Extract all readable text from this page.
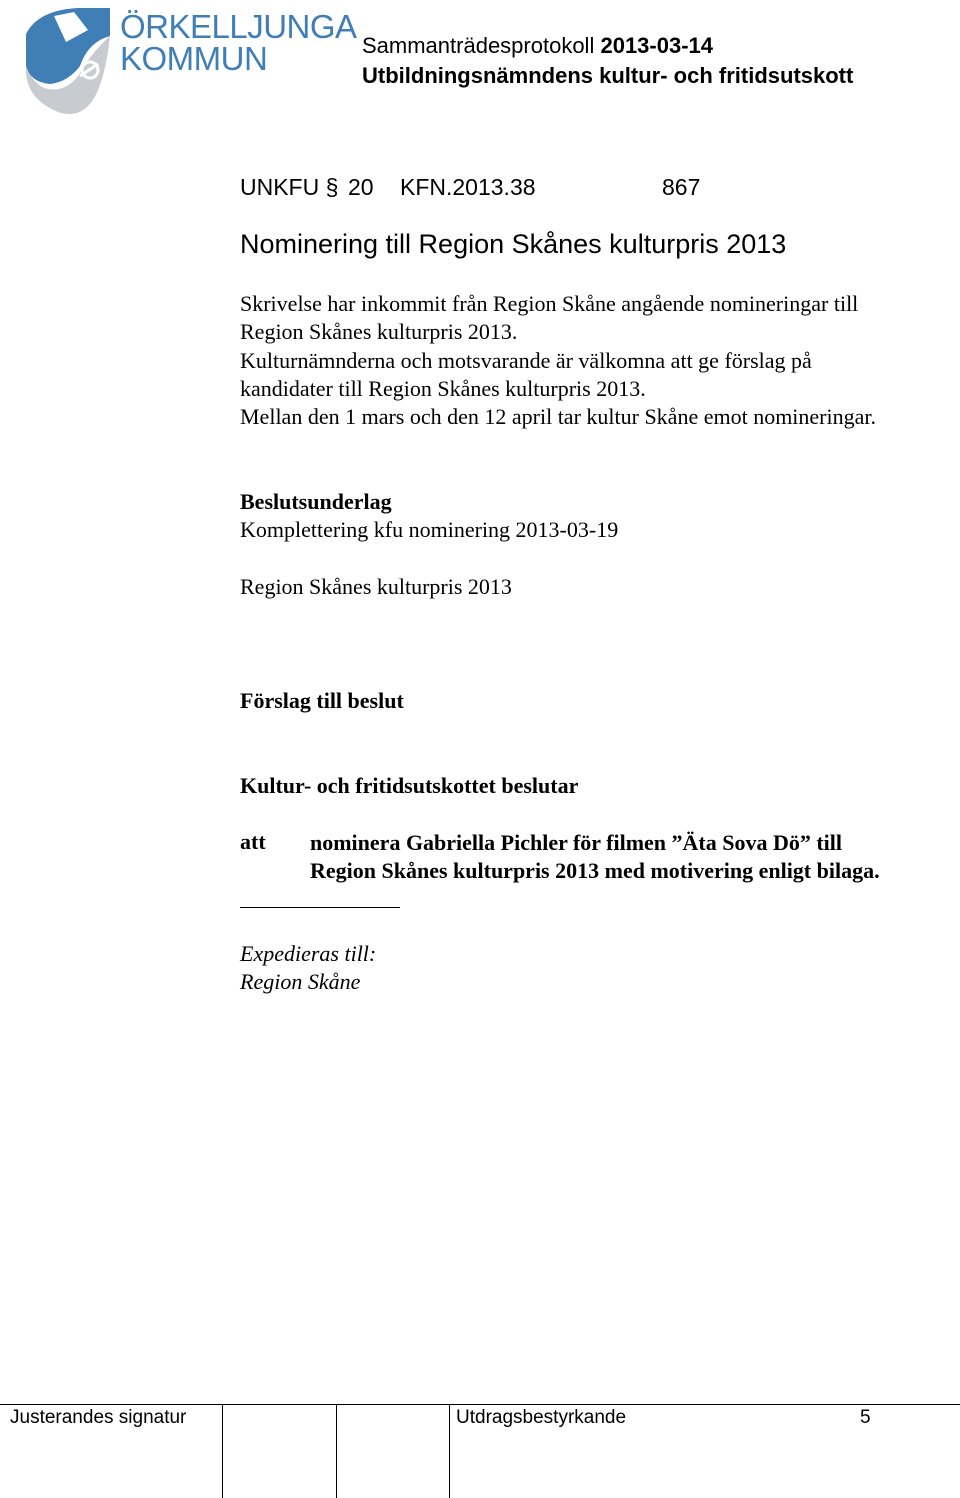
ÖRKELLJUNGA
KOMMUN	Sammanträdesprotokoll 2013-03-14
Utbildningsnämndens kultur- och fritidsutskott
UNKFU § 20 KFN.2013.38	867
Nominering till Region Skånes kulturpris 2013
Skrivelse har inkommit från Region Skåne angående nomineringar till
Region Skånes kulturpris 2013.
Kulturnämnderna och motsvarande är välkomna att ge förslag på
kandidater till Region Skånes kulturpris 2013.
Mellan den 1 mars och den 12 april tar kultur Skåne emot nomineringar.
Beslutsunderlag
Komplettering kfu nominering 2013-03-19
Region Skånes kulturpris 2013
Förslag till beslut
Kultur- och fritidsutskottet beslutar
att nominera Gabriella Pichler för filmen ”Äta Sova Dö” till
Region Skånes kulturpris 2013 med motivering enligt bilaga.
Expedieras till:
Region Skåne
Justerandes signatur	Utdragsbestyrkande	5
